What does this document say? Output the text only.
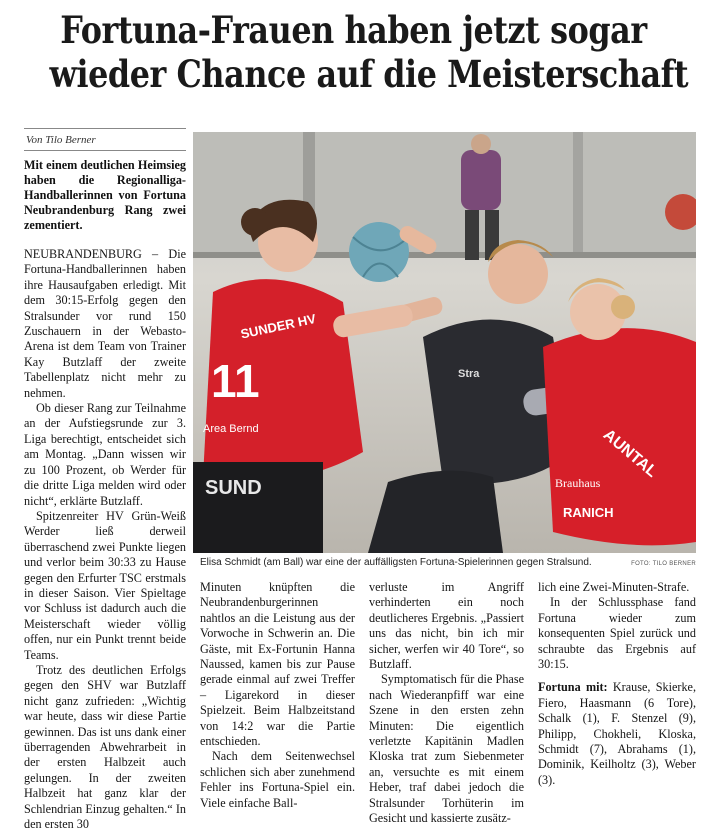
Fortuna-Frauen haben jetzt sogar
wieder Chance auf die Meisterschaft
Von Tilo Berner
Mit einem deutlichen Heimsieg haben die Regionalliga-Handballerinnen von Fortuna Neubrandenburg Rang zwei zementiert.

NEUBRANDENBURG – Die Fortuna-Handballerinnen haben ihre Hausaufgaben erledigt. Mit dem 30:15-Erfolg gegen den Stralsunder vor rund 150 Zuschauern in der Webasto-Arena ist dem Team von Trainer Kay Butzlaff der zweite Tabellenplatz nicht mehr zu nehmen.

Ob dieser Rang zur Teilnahme an der Aufstiegsrunde zur 3. Liga berechtigt, entscheidet sich am Montag. „Dann wissen wir zu 100 Prozent, ob Werder für die dritte Liga melden wird oder nicht“, erklärte Butzlaff.

Spitzenreiter HV Grün-Weiß Werder ließ derweil überraschend zwei Punkte liegen und verlor beim 30:33 zu Hause gegen den Erfurter TSC erstmals in dieser Saison. Vier Spieltage vor Schluss ist dadurch auch die Meisterschaft wieder völlig offen, nur ein Punkt trennt beide Teams.

Trotz des deutlichen Erfolgs gegen den SHV war Butzlaff nicht ganz zufrieden: „Wichtig war heute, dass wir diese Partie gewinnen. Das ist uns dank einer überragenden Abwehrarbeit in der ersten Halbzeit auch gelungen. In der zweiten Halbzeit hat ganz klar der Schlendrian Einzug gehalten.“ In den ersten 30

Stra
SUNDER HV
11
Area Bernd
SUND
AUNTAL
Brauhaus
RANICH
Elisa Schmidt (am Ball) war eine der auffälligsten Fortuna-Spielerinnen gegen Stralsund.	FOTO: TILO BERNER

Minuten knüpften die Neubrandenburgerinnen nahtlos an die Leistung aus der Vorwoche in Schwerin an. Die Gäste, mit Ex-Fortunin Hanna Naussed, kamen bis zur Pause gerade einmal auf zwei Treffer – Ligarekord in dieser Spielzeit. Beim Halbzeitstand von 14:2 war die Partie entschieden.

Nach dem Seitenwechsel schlichen sich aber zunehmend Fehler ins Fortuna-Spiel ein. Viele einfache Ball-

verluste im Angriff verhinderten ein noch deutlicheres Ergebnis. „Passiert uns das nicht, bin ich mir sicher, werfen wir 40 Tore“, so Butzlaff.

Symptomatisch für die Phase nach Wiederanpfiff war eine Szene in den ersten zehn Minuten: Die eigentlich verletzte Kapitänin Madlen Kloska trat zum Siebenmeter an, versuchte es mit einem Heber, traf dabei jedoch die Stralsunder Torhüterin im Gesicht und kassierte zusätz-

lich eine Zwei-Minuten-Strafe.

In der Schlussphase fand Fortuna wieder zum konsequenten Spiel zurück und schraubte das Ergebnis auf 30:15.

Fortuna mit: Krause, Skierke, Fiero, Haasmann (6 Tore), Schalk (1), F. Stenzel (9), Philipp, Chokheli, Kloska, Schmidt (7), Abrahams (1), Dominik, Keilholtz (3), Weber (3).
